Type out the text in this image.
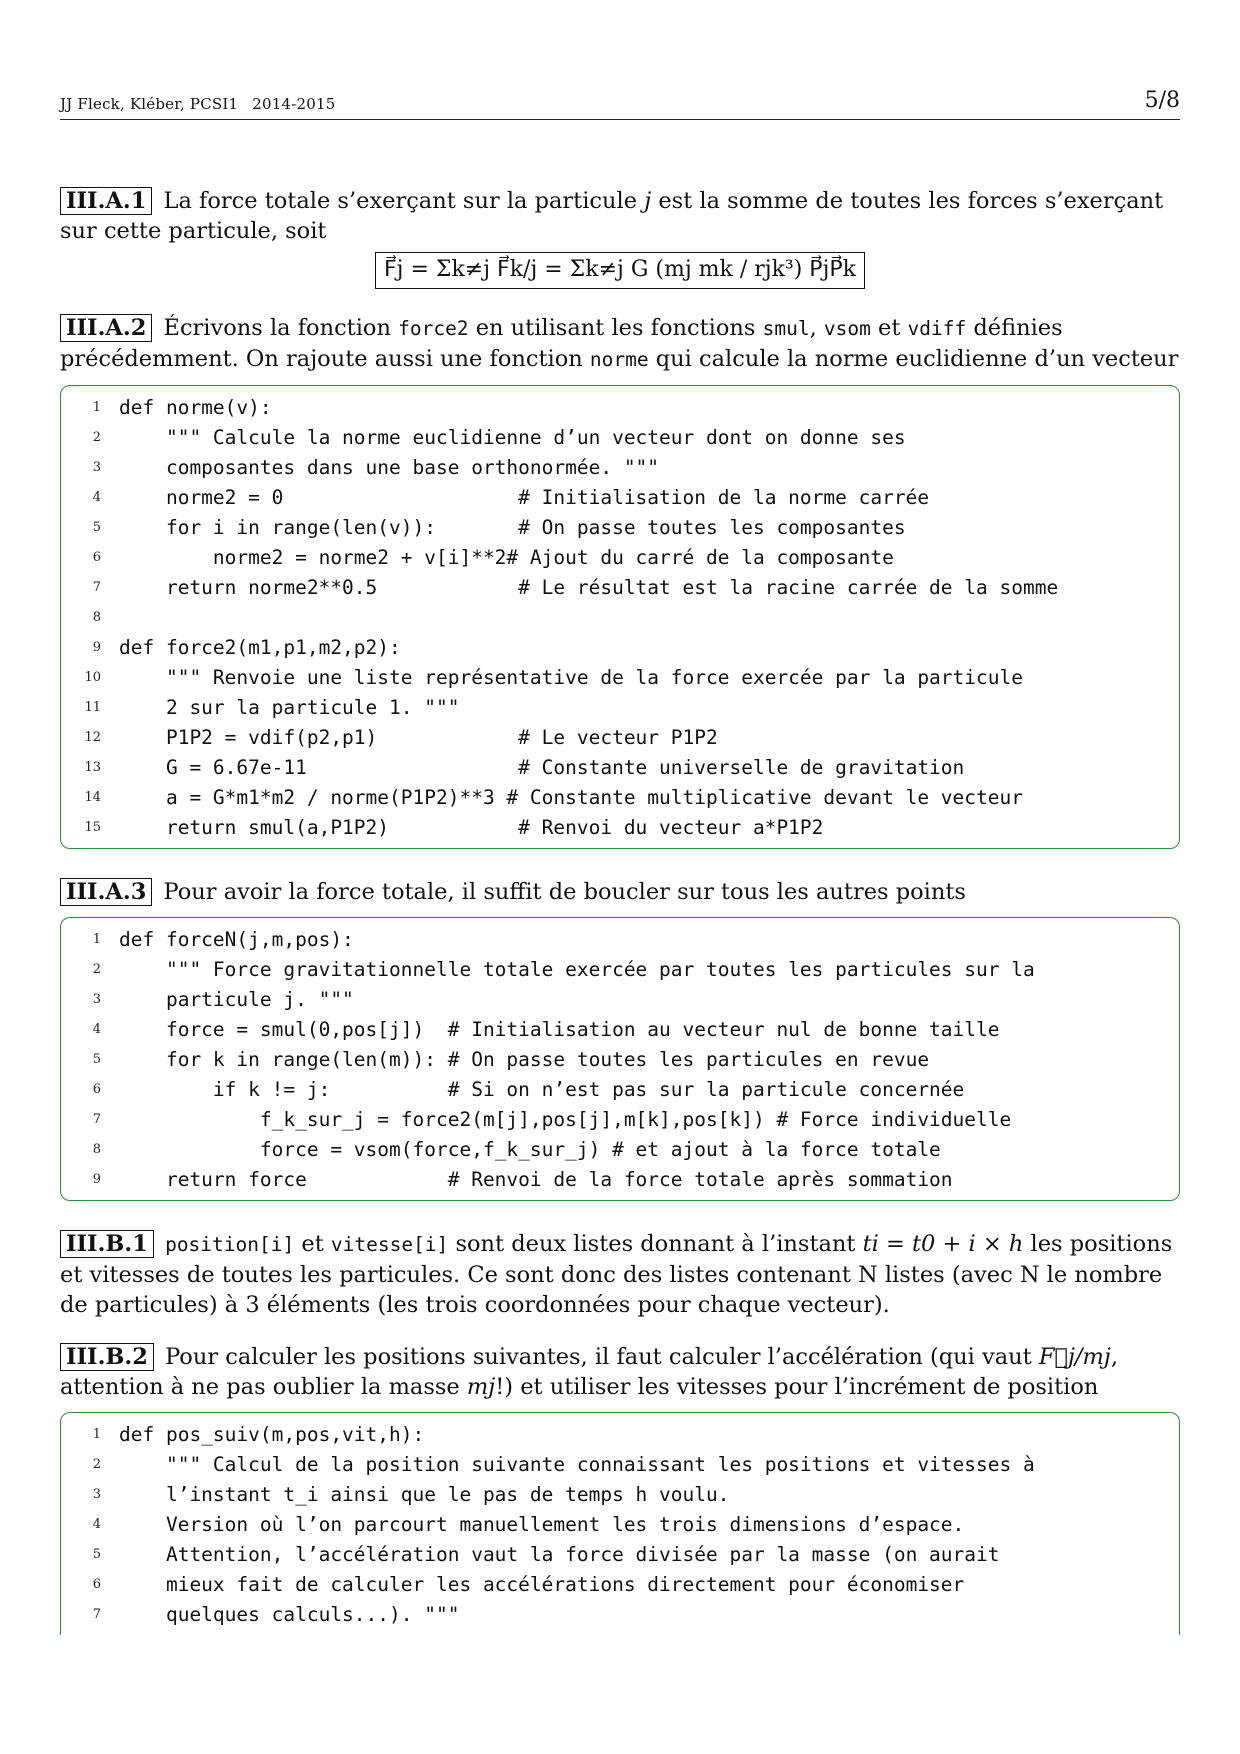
JJ Fleck, Kléber, PCSI1 2014-2015	5/8

III.A.1 La force totale s’exerçant sur la particule j est la somme de toutes les forces s’exerçant sur cette particule, soit

F⃗j = Σk≠j F⃗k/j = Σk≠j G (mj mk / rjk³) P⃗jP⃗k

III.A.2 Écrivons la fonction force2 en utilisant les fonctions smul, vsom et vdiff définies précédemment. On rajoute aussi une fonction norme qui calcule la norme euclidienne d’un vecteur

1 def norme(v):
2 """ Calcule la norme euclidienne d’un vecteur dont on donne ses
3 composantes dans une base orthonormée. """
4 norme2 = 0                    # Initialisation de la norme carrée
5 for i in range(len(v)):       # On passe toutes les composantes
6 norme2 = norme2 + v[i]**2# Ajout du carré de la composante
7 return norme2**0.5            # Le résultat est la racine carrée de la somme
8
9 def force2(m1,p1,m2,p2):
10 """ Renvoie une liste représentative de la force exercée par la particule
11 2 sur la particule 1. """
12 P1P2 = vdif(p2,p1)            # Le vecteur P1P2
13 G = 6.67e-11                  # Constante universelle de gravitation
14 a = G*m1*m2 / norme(P1P2)**3 # Constante multiplicative devant le vecteur
15 return smul(a,P1P2)           # Renvoi du vecteur a*P1P2

III.A.3 Pour avoir la force totale, il suffit de boucler sur tous les autres points

1 def forceN(j,m,pos):
2 """ Force gravitationnelle totale exercée par toutes les particules sur la
3 particule j. """
4 force = smul(0,pos[j])  # Initialisation au vecteur nul de bonne taille
5 for k in range(len(m)): # On passe toutes les particules en revue
6 if k != j:          # Si on n’est pas sur la particule concernée
7 f_k_sur_j = force2(m[j],pos[j],m[k],pos[k]) # Force individuelle
8 force = vsom(force,f_k_sur_j) # et ajout à la force totale
9 return force            # Renvoi de la force totale après sommation

III.B.1 position[i] et vitesse[i] sont deux listes donnant à l’instant ti = t0 + i × h les positions et vitesses de toutes les particules. Ce sont donc des listes contenant N listes (avec N le nombre de particules) à 3 éléments (les trois coordonnées pour chaque vecteur).

III.B.2 Pour calculer les positions suivantes, il faut calculer l’accélération (qui vaut F⃗j/mj, attention à ne pas oublier la masse mj!) et utiliser les vitesses pour l’incrément de position

1 def pos_suiv(m,pos,vit,h):
2 """ Calcul de la position suivante connaissant les positions et vitesses à
3 l’instant t_i ainsi que le pas de temps h voulu.
4 Version où l’on parcourt manuellement les trois dimensions d’espace.
5 Attention, l’accélération vaut la force divisée par la masse (on aurait
6 mieux fait de calculer les accélérations directement pour économiser
7 quelques calculs...). """
